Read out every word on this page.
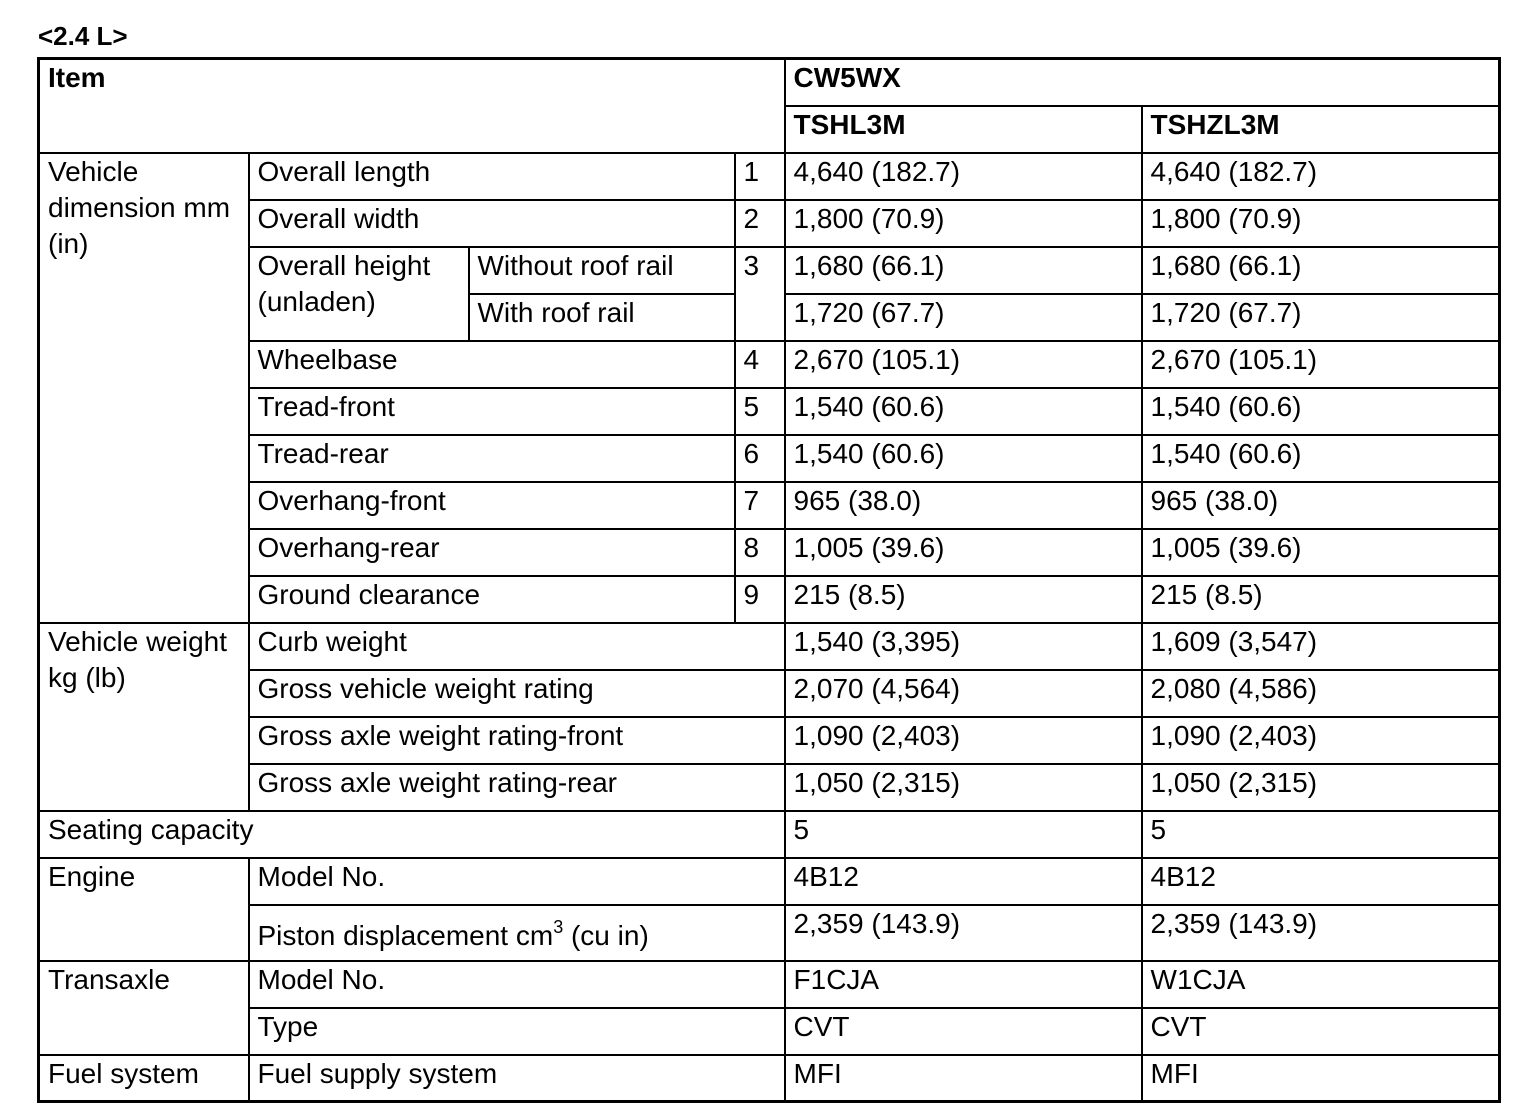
<2.4 L>
Item				CW5WX	
				TSHL3M	TSHZL3M
Vehicle dimension mm (in)	Overall length		1	4,640 (182.7)	4,640 (182.7)
	Overall width		2	1,800 (70.9)	1,800 (70.9)
	Overall height (unladen)	Without roof rail	3	1,680 (66.1)	1,680 (66.1)
		With roof rail		1,720 (67.7)	1,720 (67.7)
	Wheelbase		4	2,670 (105.1)	2,670 (105.1)
	Tread-front		5	1,540 (60.6)	1,540 (60.6)
	Tread-rear		6	1,540 (60.6)	1,540 (60.6)
	Overhang-front		7	965 (38.0)	965 (38.0)
	Overhang-rear		8	1,005 (39.6)	1,005 (39.6)
	Ground clearance		9	215 (8.5)	215 (8.5)
Vehicle weight kg (lb)	Curb weight			1,540 (3,395)	1,609 (3,547)
	Gross vehicle weight rating			2,070 (4,564)	2,080 (4,586)
	Gross axle weight rating-front			1,090 (2,403)	1,090 (2,403)
	Gross axle weight rating-rear			1,050 (2,315)	1,050 (2,315)
Seating capacity				5	5
Engine	Model No.			4B12	4B12
	Piston displacement $cm^3$ (cu in)			2,359 (143.9)	2,359 (143.9)
Transaxle	Model No.			F1CJA	W1CJA
	Type			CVT	CVT
Fuel system	Fuel supply system			MFI	MFI
